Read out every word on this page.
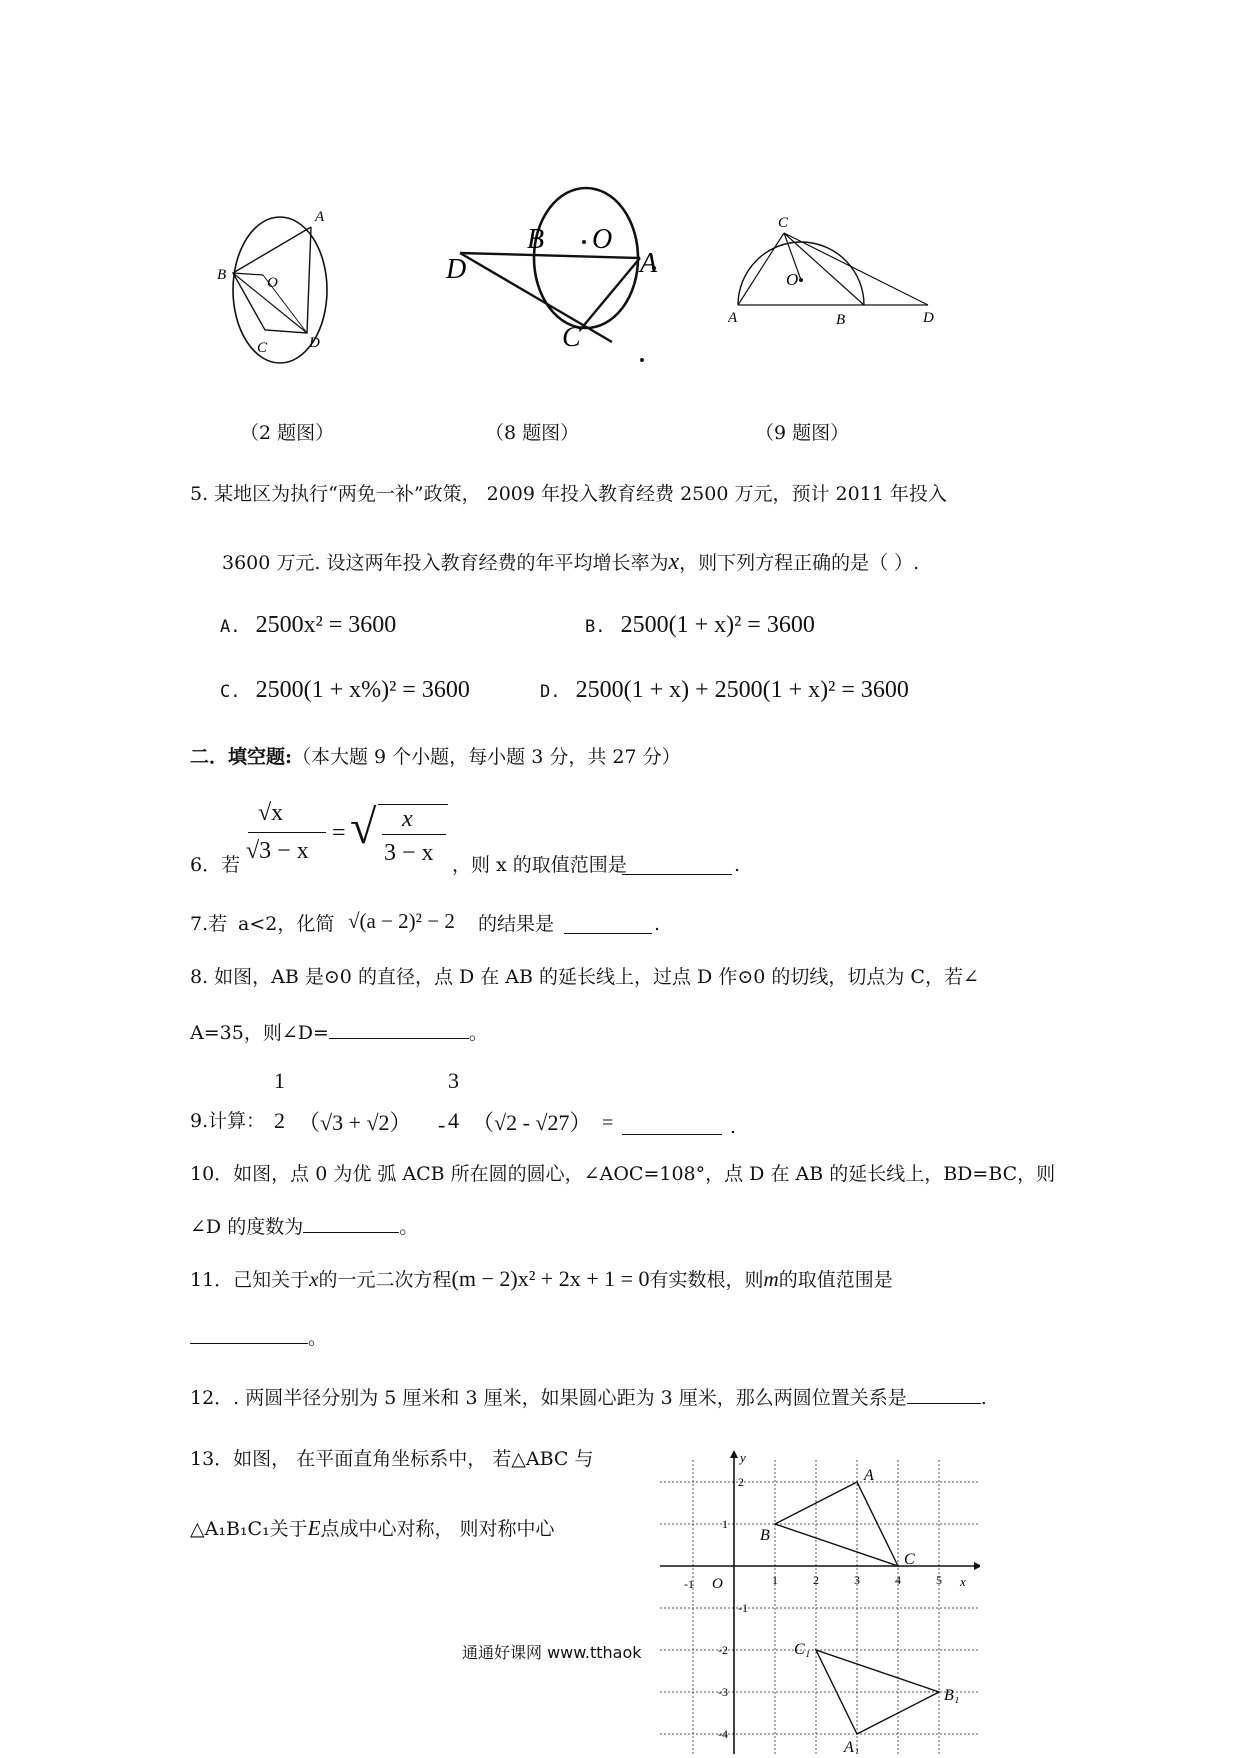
A
B	O
C	D
（2 题图）
B O
D	A
C
（8 题图）
C
O
A	B	D
（9 题图）
5. 某地区为执行“两免一补”政策， 2009 年投入教育经费 2500 万元，预计 2011 年投入
3600 万元. 设这两年投入教育经费的年平均增长率为x，则下列方程正确的是（ ）.
A. 2500x² = 3600	B. 2500(1 + x)² = 3600
C. 2500(1 + x%)² = 3600	D. 2500(1 + x) + 2500(1 + x)² = 3600
二．填空题:（本大题 9 个小题，每小题 3 分，共 27 分）
6．若
√x
√3 − x
= √ x
3 − x ，则 x 的取值范围是	.
7.若 a<2，化简 √(a − 2)² − 2 的结果是	.
8. 如图，AB 是⊙0 的直径，点 D 在 AB 的延长线上，过点 D 作⊙0 的切线，切点为 C，若∠
A=35，则∠D=	。
9.计算：
1
2 （√3 + √2） -
3
4 （√2 - √27） =	.
10．如图，点 0 为优 弧 ACB 所在圆的圆心，∠AOC=108°，点 D 在 AB 的延长线上，BD=BC，则
∠D 的度数为	。
11．己知关于x的一元二次方程(m − 2)x² + 2x + 1 = 0有实数根，则m的取值范围是
。
12．. 两圆半径分别为 5 厘米和 3 厘米，如果圆心距为 3 厘米，那么两圆位置关系是	.
13．如图， 在平面直角坐标系中， 若△ABC 与
△A₁B₁C₁关于E点成中心对称， 则对称中心
通通好课网 www.tthaok
x
y
O
-1	1	2	3	4	5
2
1
-1
-2
-3
-4
A
B
C
C₁
B₁
A₁
